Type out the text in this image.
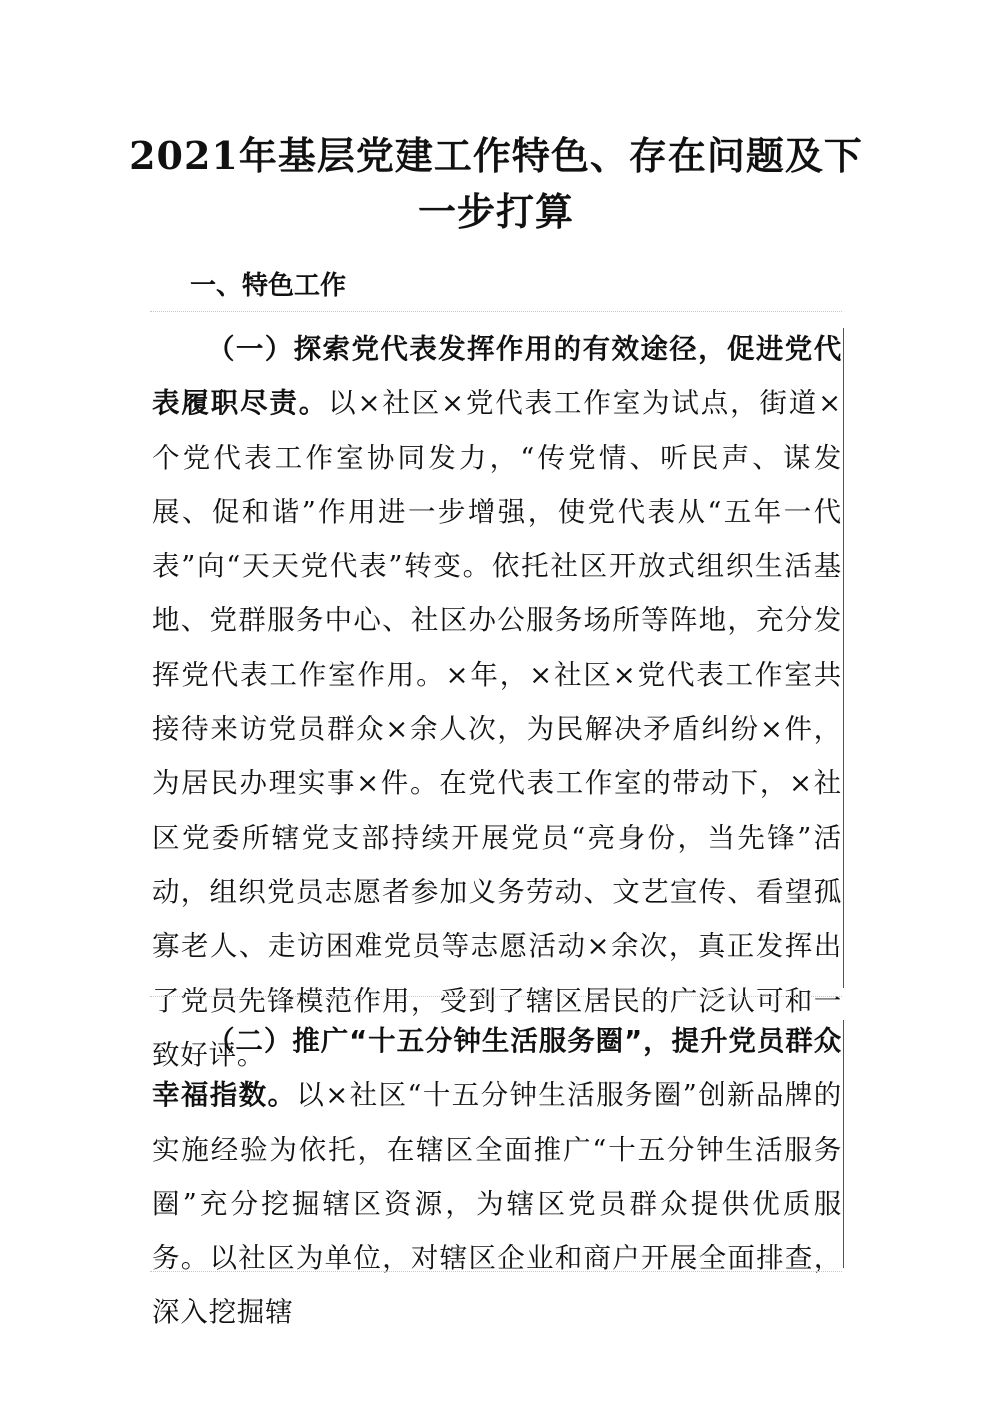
2021年基层党建工作特色、存在问题及下一步打算
一、特色工作

（一）探索党代表发挥作用的有效途径，促进党代表履职尽责。以×社区×党代表工作室为试点，街道×个党代表工作室协同发力，“传党情、听民声、谋发展、促和谐”作用进一步增强，使党代表从“五年一代表”向“天天党代表”转变。依托社区开放式组织生活基地、党群服务中心、社区办公服务场所等阵地，充分发挥党代表工作室作用。×年，×社区×党代表工作室共接待来访党员群众×余人次，为民解决矛盾纠纷×件，为居民办理实事×件。在党代表工作室的带动下，×社区党委所辖党支部持续开展党员“亮身份，当先锋”活动，组织党员志愿者参加义务劳动、文艺宣传、看望孤寡老人、走访困难党员等志愿活动×余次，真正发挥出了党员先锋模范作用，受到了辖区居民的广泛认可和一致好评。

（二）推广“十五分钟生活服务圈”，提升党员群众幸福指数。以×社区“十五分钟生活服务圈”创新品牌的实施经验为依托，在辖区全面推广“十五分钟生活服务圈”充分挖掘辖区资源，为辖区党员群众提供优质服务。以社区为单位，对辖区企业和商户开展全面排查，深入挖掘辖
